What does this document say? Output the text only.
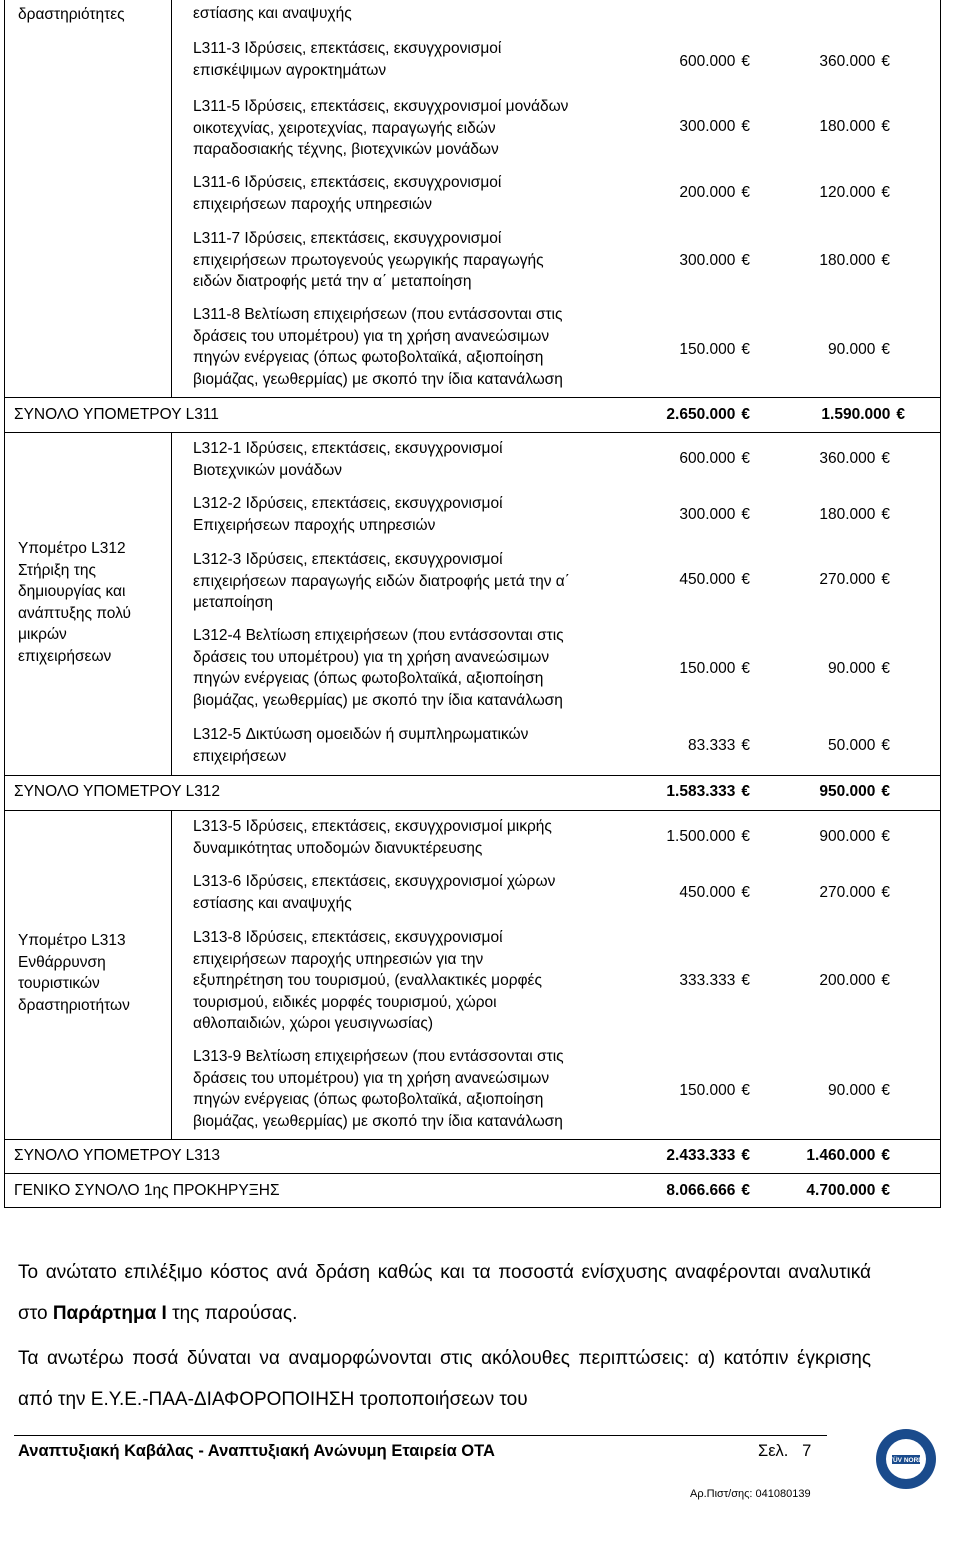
δραστηριότητες	εστίασης και αναψυχής
L311-3 Ιδρύσεις, επεκτάσεις, εκσυγχρονισμοί
επισκέψιμων αγροκτημάτων	600.000 €	360.000 €
L311-5 Ιδρύσεις, επεκτάσεις, εκσυγχρονισμοί μονάδων
οικοτεχνίας, χειροτεχνίας, παραγωγής ειδών
παραδοσιακής τέχνης, βιοτεχνικών μονάδων
300.000 €	180.000 €
L311-6 Ιδρύσεις, επεκτάσεις, εκσυγχρονισμοί
επιχειρήσεων παροχής υπηρεσιών
200.000 €	120.000 €
L311-7 Ιδρύσεις, επεκτάσεις, εκσυγχρονισμοί
επιχειρήσεων πρωτογενούς γεωργικής παραγωγής
ειδών διατροφής μετά την α΄ μεταποίηση
300.000 €	180.000 €
L311-8 Βελτίωση επιχειρήσεων (που εντάσσονται στις
δράσεις του υπομέτρου) για τη χρήση ανανεώσιμων
πηγών ενέργειας (όπως φωτοβολταϊκά, αξιοποίηση
βιομάζας, γεωθερμίας) με σκοπό την ίδια κατανάλωση
150.000 €	90.000 €
ΣΥΝΟΛΟ ΥΠΟΜΕΤΡΟΥ L311	2.650.000 €	1.590.000 €
Υπομέτρο L312
Στήριξη της
δημιουργίας και
ανάπτυξης πολύ
μικρών
επιχειρήσεων
L312-1 Ιδρύσεις, επεκτάσεις, εκσυγχρονισμοί
Βιοτεχνικών μονάδων
600.000 €	360.000 €
L312-2 Ιδρύσεις, επεκτάσεις, εκσυγχρονισμοί
Επιχειρήσεων παροχής υπηρεσιών
300.000 €	180.000 €
L312-3 Ιδρύσεις, επεκτάσεις, εκσυγχρονισμοί
επιχειρήσεων παραγωγής ειδών διατροφής μετά την α΄
μεταποίηση
450.000 €	270.000 €
L312-4 Βελτίωση επιχειρήσεων (που εντάσσονται στις
δράσεις του υπομέτρου) για τη χρήση ανανεώσιμων
πηγών ενέργειας (όπως φωτοβολταϊκά, αξιοποίηση
βιομάζας, γεωθερμίας) με σκοπό την ίδια κατανάλωση
150.000 €	90.000 €
L312-5 Δικτύωση ομοειδών ή συμπληρωματικών
επιχειρήσεων
83.333 €	50.000 €
ΣΥΝΟΛΟ ΥΠΟΜΕΤΡΟΥ L312	1.583.333 €	950.000 €
Υπομέτρο L313
Ενθάρρυνση
τουριστικών
δραστηριοτήτων
L313-5 Ιδρύσεις, επεκτάσεις, εκσυγχρονισμοί μικρής
δυναμικότητας υποδομών διανυκτέρευσης
1.500.000 €	900.000 €
L313-6 Ιδρύσεις, επεκτάσεις, εκσυγχρονισμοί χώρων
εστίασης και αναψυχής
450.000 €	270.000 €
L313-8 Ιδρύσεις, επεκτάσεις, εκσυγχρονισμοί
επιχειρήσεων παροχής υπηρεσιών για την
εξυπηρέτηση του τουρισμού, (εναλλακτικές μορφές
τουρισμού, ειδικές μορφές τουρισμού, χώροι
αθλοπαιδιών, χώροι γευσιγνωσίας)
333.333 €	200.000 €
L313-9 Βελτίωση επιχειρήσεων (που εντάσσονται στις
δράσεις του υπομέτρου) για τη χρήση ανανεώσιμων
πηγών ενέργειας (όπως φωτοβολταϊκά, αξιοποίηση
βιομάζας, γεωθερμίας) με σκοπό την ίδια κατανάλωση
150.000 €	90.000 €
ΣΥΝΟΛΟ ΥΠΟΜΕΤΡΟΥ L313	2.433.333 €	1.460.000 €
ΓΕΝΙΚΟ ΣΥΝΟΛΟ 1ης ΠΡΟΚΗΡΥΞΗΣ	8.066.666 €	4.700.000 €
Το ανώτατο επιλέξιμο κόστος ανά δράση καθώς και τα ποσοστά ενίσχυσης αναφέρονται αναλυτικά στο Παράρτημα Ι της παρούσας.
Τα ανωτέρω ποσά δύναται να αναμορφώνονται στις ακόλουθες περιπτώσεις: α) κατόπιν έγκρισης από την Ε.Υ.Ε.-ΠΑΑ-ΔΙΑΦΟΡΟΠΟΙΗΣΗ τροποποιήσεων του
Αναπτυξιακή Καβάλας - Αναπτυξιακή Ανώνυμη Εταιρεία ΟΤΑ	Σελ. 7
Αρ.Πιστ/σης: 041080139
TÜV NORD
